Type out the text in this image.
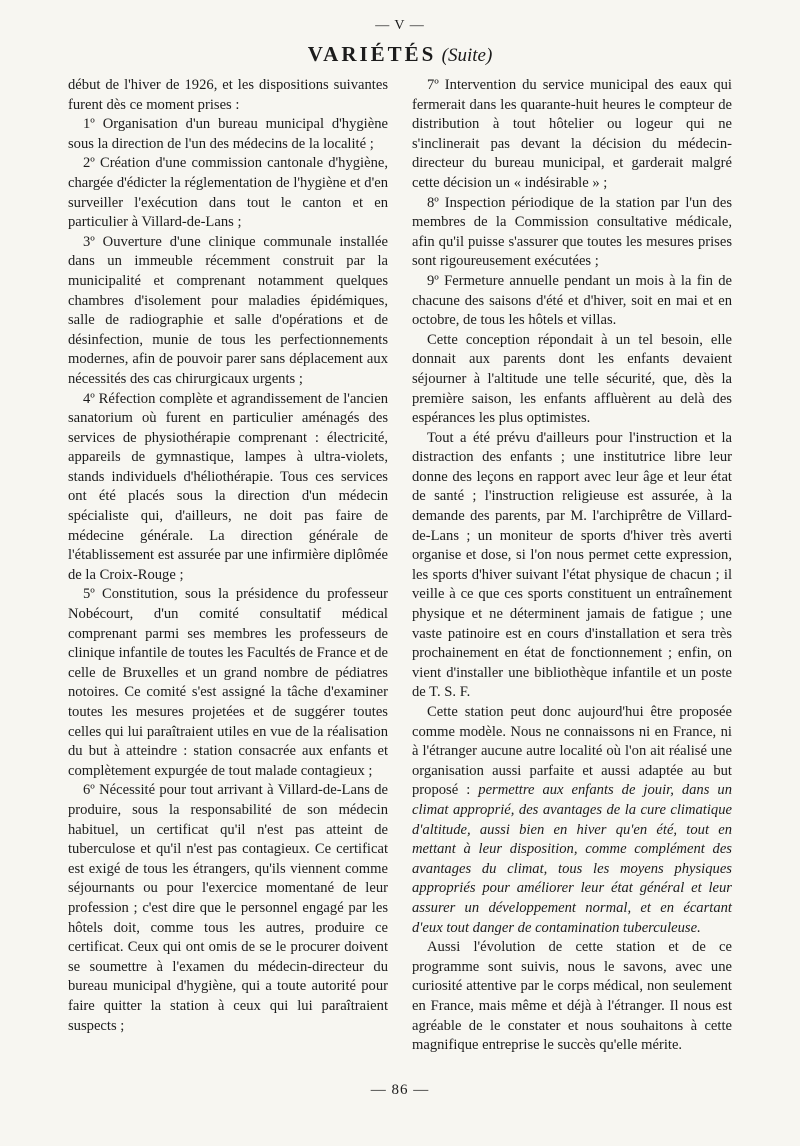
— V —
VARIÉTÉS (Suite)

début de l'hiver de 1926, et les dispositions suivantes furent dès ce moment prises :

1º Organisation d'un bureau municipal d'hygiène sous la direction de l'un des médecins de la localité ;

2º Création d'une commission cantonale d'hygiène, chargée d'édicter la réglementation de l'hygiène et d'en surveiller l'exécution dans tout le canton et en particulier à Villard-de-Lans ;

3º Ouverture d'une clinique communale installée dans un immeuble récemment construit par la municipalité et comprenant notamment quelques chambres d'isolement pour maladies épidémiques, salle de radiographie et salle d'opérations et de désinfection, munie de tous les perfectionnements modernes, afin de pouvoir parer sans déplacement aux nécessités des cas chirurgicaux urgents ;

4º Réfection complète et agrandissement de l'ancien sanatorium où furent en particulier aménagés des services de physiothérapie comprenant : électricité, appareils de gymnastique, lampes à ultra-violets, stands individuels d'héliothérapie. Tous ces services ont été placés sous la direction d'un médecin spécialiste qui, d'ailleurs, ne doit pas faire de médecine générale. La direction générale de l'établissement est assurée par une infirmière diplômée de la Croix-Rouge ;

5º Constitution, sous la présidence du professeur Nobécourt, d'un comité consultatif médical comprenant parmi ses membres les professeurs de clinique infantile de toutes les Facultés de France et de celle de Bruxelles et un grand nombre de pédiatres notoires. Ce comité s'est assigné la tâche d'examiner toutes les mesures projetées et de suggérer toutes celles qui lui paraîtraient utiles en vue de la réalisation du but à atteindre : station consacrée aux enfants et complètement expurgée de tout malade contagieux ;

6º Nécessité pour tout arrivant à Villard-de-Lans de produire, sous la responsabilité de son médecin habituel, un certificat qu'il n'est pas atteint de tuberculose et qu'il n'est pas contagieux. Ce certificat est exigé de tous les étrangers, qu'ils viennent comme séjournants ou pour l'exercice momentané de leur profession ; c'est dire que le personnel engagé par les hôtels doit, comme tous les autres, produire ce certificat. Ceux qui ont omis de se le procurer doivent se soumettre à l'examen du médecin-directeur du bureau municipal d'hygiène, qui a toute autorité pour faire quitter la station à ceux qui lui paraîtraient suspects ;

7º Intervention du service municipal des eaux qui fermerait dans les quarante-huit heures le compteur de distribution à tout hôtelier ou logeur qui ne s'inclinerait pas devant la décision du médecin-directeur du bureau municipal, et garderait malgré cette décision un « indésirable » ;

8º Inspection périodique de la station par l'un des membres de la Commission consultative médicale, afin qu'il puisse s'assurer que toutes les mesures prises sont rigoureusement exécutées ;

9º Fermeture annuelle pendant un mois à la fin de chacune des saisons d'été et d'hiver, soit en mai et en octobre, de tous les hôtels et villas.

Cette conception répondait à un tel besoin, elle donnait aux parents dont les enfants devaient séjourner à l'altitude une telle sécurité, que, dès la première saison, les enfants affluèrent au delà des espérances les plus optimistes.

Tout a été prévu d'ailleurs pour l'instruction et la distraction des enfants ; une institutrice libre leur donne des leçons en rapport avec leur âge et leur état de santé ; l'instruction religieuse est assurée, à la demande des parents, par M. l'archiprêtre de Villard-de-Lans ; un moniteur de sports d'hiver très averti organise et dose, si l'on nous permet cette expression, les sports d'hiver suivant l'état physique de chacun ; il veille à ce que ces sports constituent un entraînement physique et ne déterminent jamais de fatigue ; une vaste patinoire est en cours d'installation et sera très prochainement en état de fonctionnement ; enfin, on vient d'installer une bibliothèque infantile et un poste de T. S. F.

Cette station peut donc aujourd'hui être proposée comme modèle. Nous ne connaissons ni en France, ni à l'étranger aucune autre localité où l'on ait réalisé une organisation aussi parfaite et aussi adaptée au but proposé : permettre aux enfants de jouir, dans un climat approprié, des avantages de la cure climatique d'altitude, aussi bien en hiver qu'en été, tout en mettant à leur disposition, comme complément des avantages du climat, tous les moyens physiques appropriés pour améliorer leur état général et leur assurer un développement normal, et en écartant d'eux tout danger de contamination tuberculeuse.

Aussi l'évolution de cette station et de ce programme sont suivis, nous le savons, avec une curiosité attentive par le corps médical, non seulement en France, mais même et déjà à l'étranger. Il nous est agréable de le constater et nous souhaitons à cette magnifique entreprise le succès qu'elle mérite.

— 86 —
